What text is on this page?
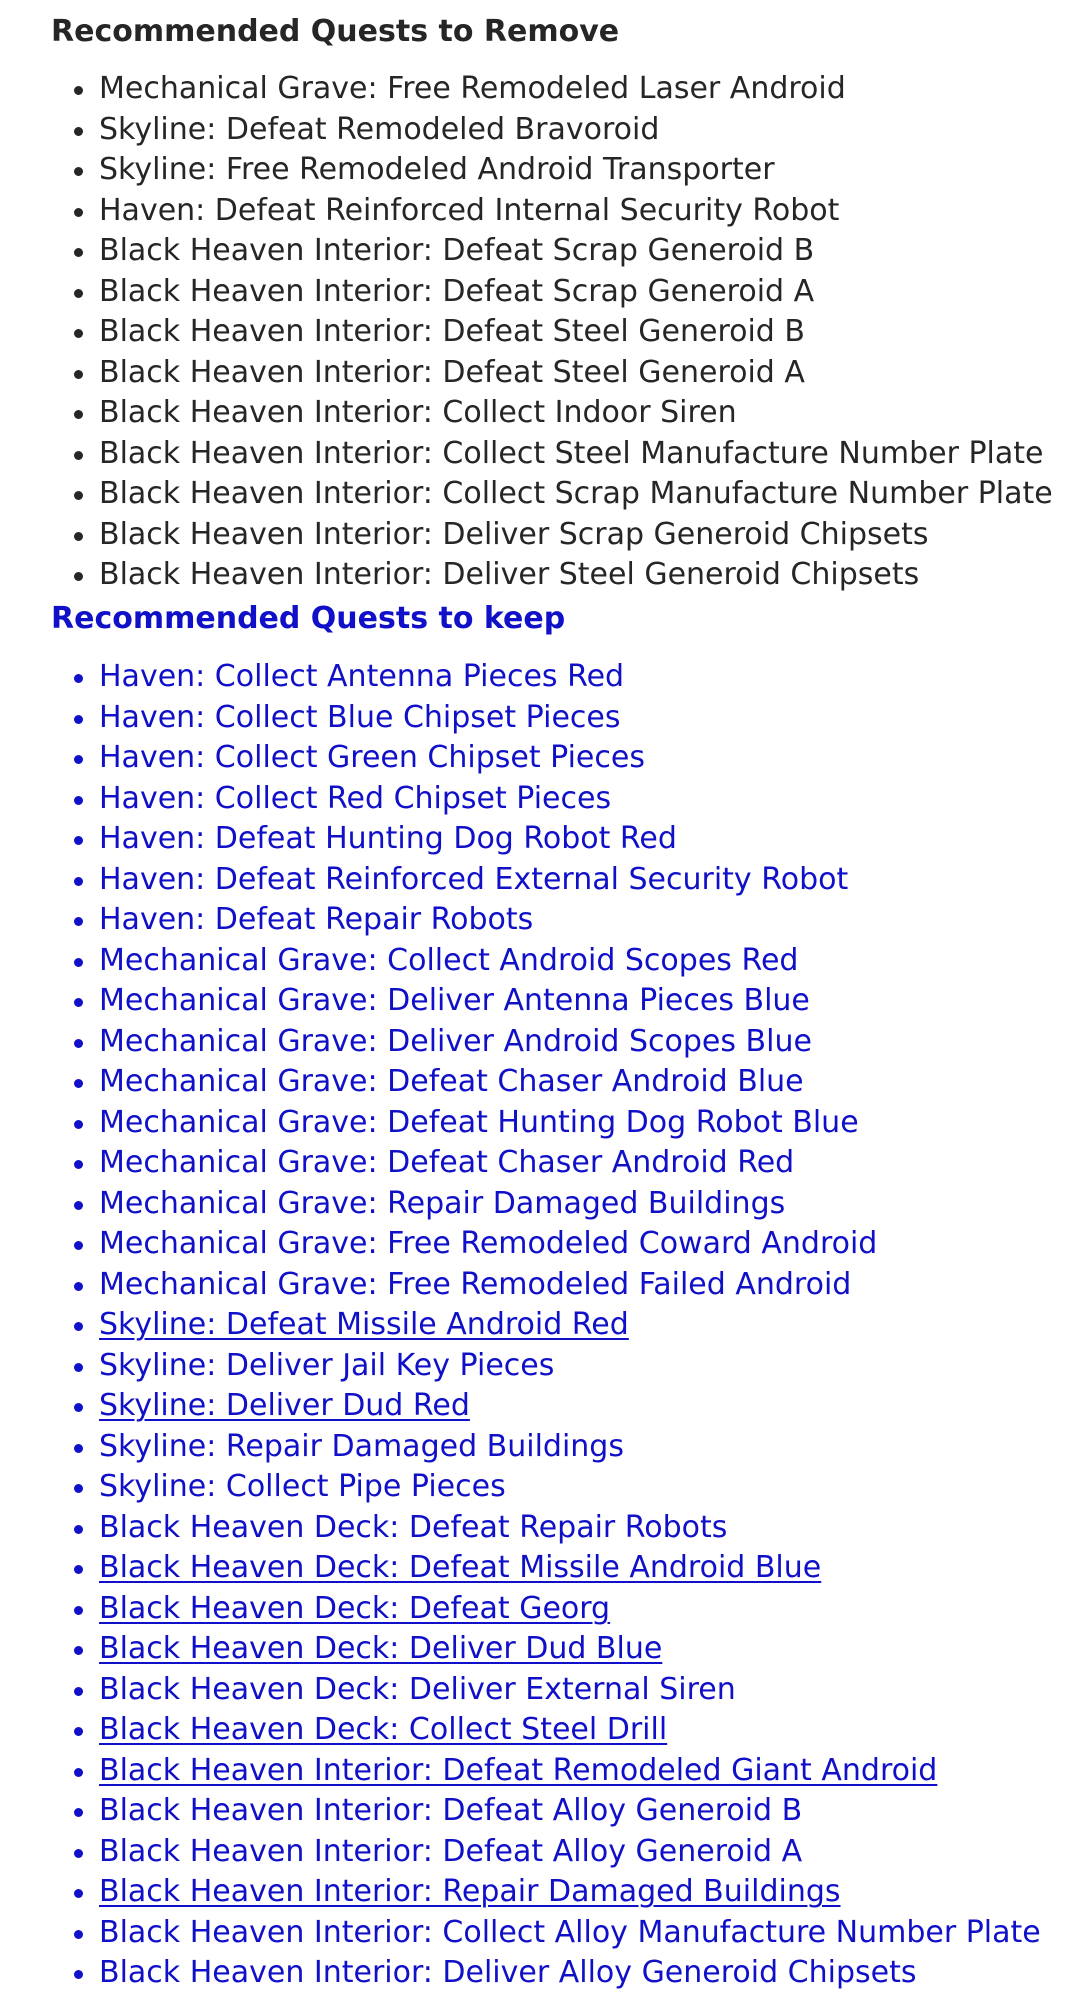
Recommended Quests to Remove
Mechanical Grave: Free Remodeled Laser Android
Skyline: Defeat Remodeled Bravoroid
Skyline: Free Remodeled Android Transporter
Haven: Defeat Reinforced Internal Security Robot
Black Heaven Interior: Defeat Scrap Generoid B
Black Heaven Interior: Defeat Scrap Generoid A
Black Heaven Interior: Defeat Steel Generoid B
Black Heaven Interior: Defeat Steel Generoid A
Black Heaven Interior: Collect Indoor Siren
Black Heaven Interior: Collect Steel Manufacture Number Plate
Black Heaven Interior: Collect Scrap Manufacture Number Plate
Black Heaven Interior: Deliver Scrap Generoid Chipsets
Black Heaven Interior: Deliver Steel Generoid Chipsets
Recommended Quests to keep
Haven: Collect Antenna Pieces Red
Haven: Collect Blue Chipset Pieces
Haven: Collect Green Chipset Pieces
Haven: Collect Red Chipset Pieces
Haven: Defeat Hunting Dog Robot Red
Haven: Defeat Reinforced External Security Robot
Haven: Defeat Repair Robots
Mechanical Grave: Collect Android Scopes Red
Mechanical Grave: Deliver Antenna Pieces Blue
Mechanical Grave: Deliver Android Scopes Blue
Mechanical Grave: Defeat Chaser Android Blue
Mechanical Grave: Defeat Hunting Dog Robot Blue
Mechanical Grave: Defeat Chaser Android Red
Mechanical Grave: Repair Damaged Buildings
Mechanical Grave: Free Remodeled Coward Android
Mechanical Grave: Free Remodeled Failed Android
Skyline: Defeat Missile Android Red
Skyline: Deliver Jail Key Pieces
Skyline: Deliver Dud Red
Skyline: Repair Damaged Buildings
Skyline: Collect Pipe Pieces
Black Heaven Deck: Defeat Repair Robots
Black Heaven Deck: Defeat Missile Android Blue
Black Heaven Deck: Defeat Georg
Black Heaven Deck: Deliver Dud Blue
Black Heaven Deck: Deliver External Siren
Black Heaven Deck: Collect Steel Drill
Black Heaven Interior: Defeat Remodeled Giant Android
Black Heaven Interior: Defeat Alloy Generoid B
Black Heaven Interior: Defeat Alloy Generoid A
Black Heaven Interior: Repair Damaged Buildings
Black Heaven Interior: Collect Alloy Manufacture Number Plate
Black Heaven Interior: Deliver Alloy Generoid Chipsets
